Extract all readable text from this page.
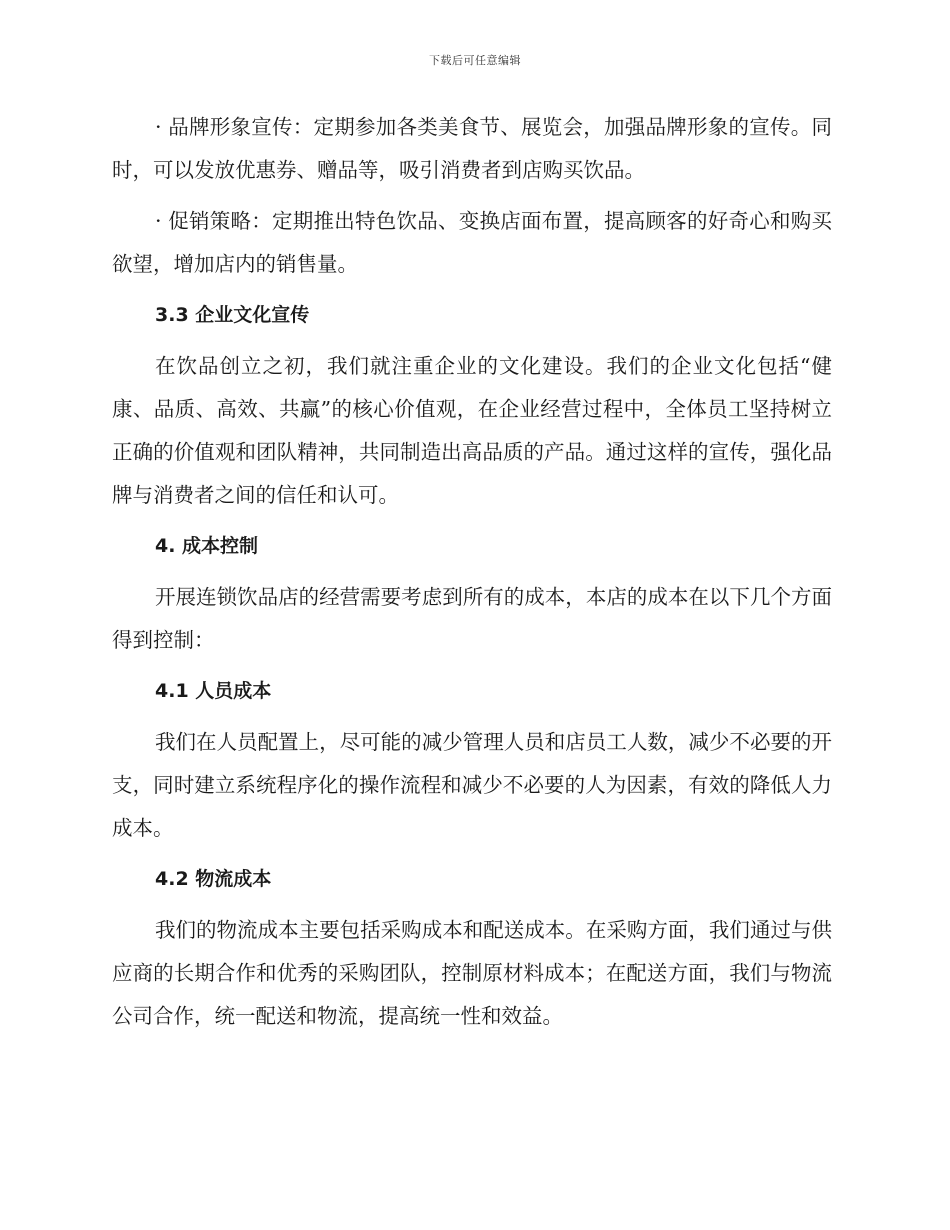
下载后可任意编辑

· 品牌形象宣传：定期参加各类美食节、展览会，加强品牌形象的宣传。同时，可以发放优惠券、赠品等，吸引消费者到店购买饮品。

· 促销策略：定期推出特色饮品、变换店面布置，提高顾客的好奇心和购买欲望，增加店内的销售量。

3.3 企业文化宣传

在饮品创立之初，我们就注重企业的文化建设。我们的企业文化包括“健康、品质、高效、共赢”的核心价值观，在企业经营过程中，全体员工坚持树立正确的价值观和团队精神，共同制造出高品质的产品。通过这样的宣传，强化品牌与消费者之间的信任和认可。

4. 成本控制

开展连锁饮品店的经营需要考虑到所有的成本，本店的成本在以下几个方面得到控制：

4.1 人员成本

我们在人员配置上，尽可能的减少管理人员和店员工人数，减少不必要的开支，同时建立系统程序化的操作流程和减少不必要的人为因素，有效的降低人力成本。

4.2 物流成本

我们的物流成本主要包括采购成本和配送成本。在采购方面，我们通过与供应商的长期合作和优秀的采购团队，控制原材料成本；在配送方面，我们与物流公司合作，统一配送和物流，提高统一性和效益。
